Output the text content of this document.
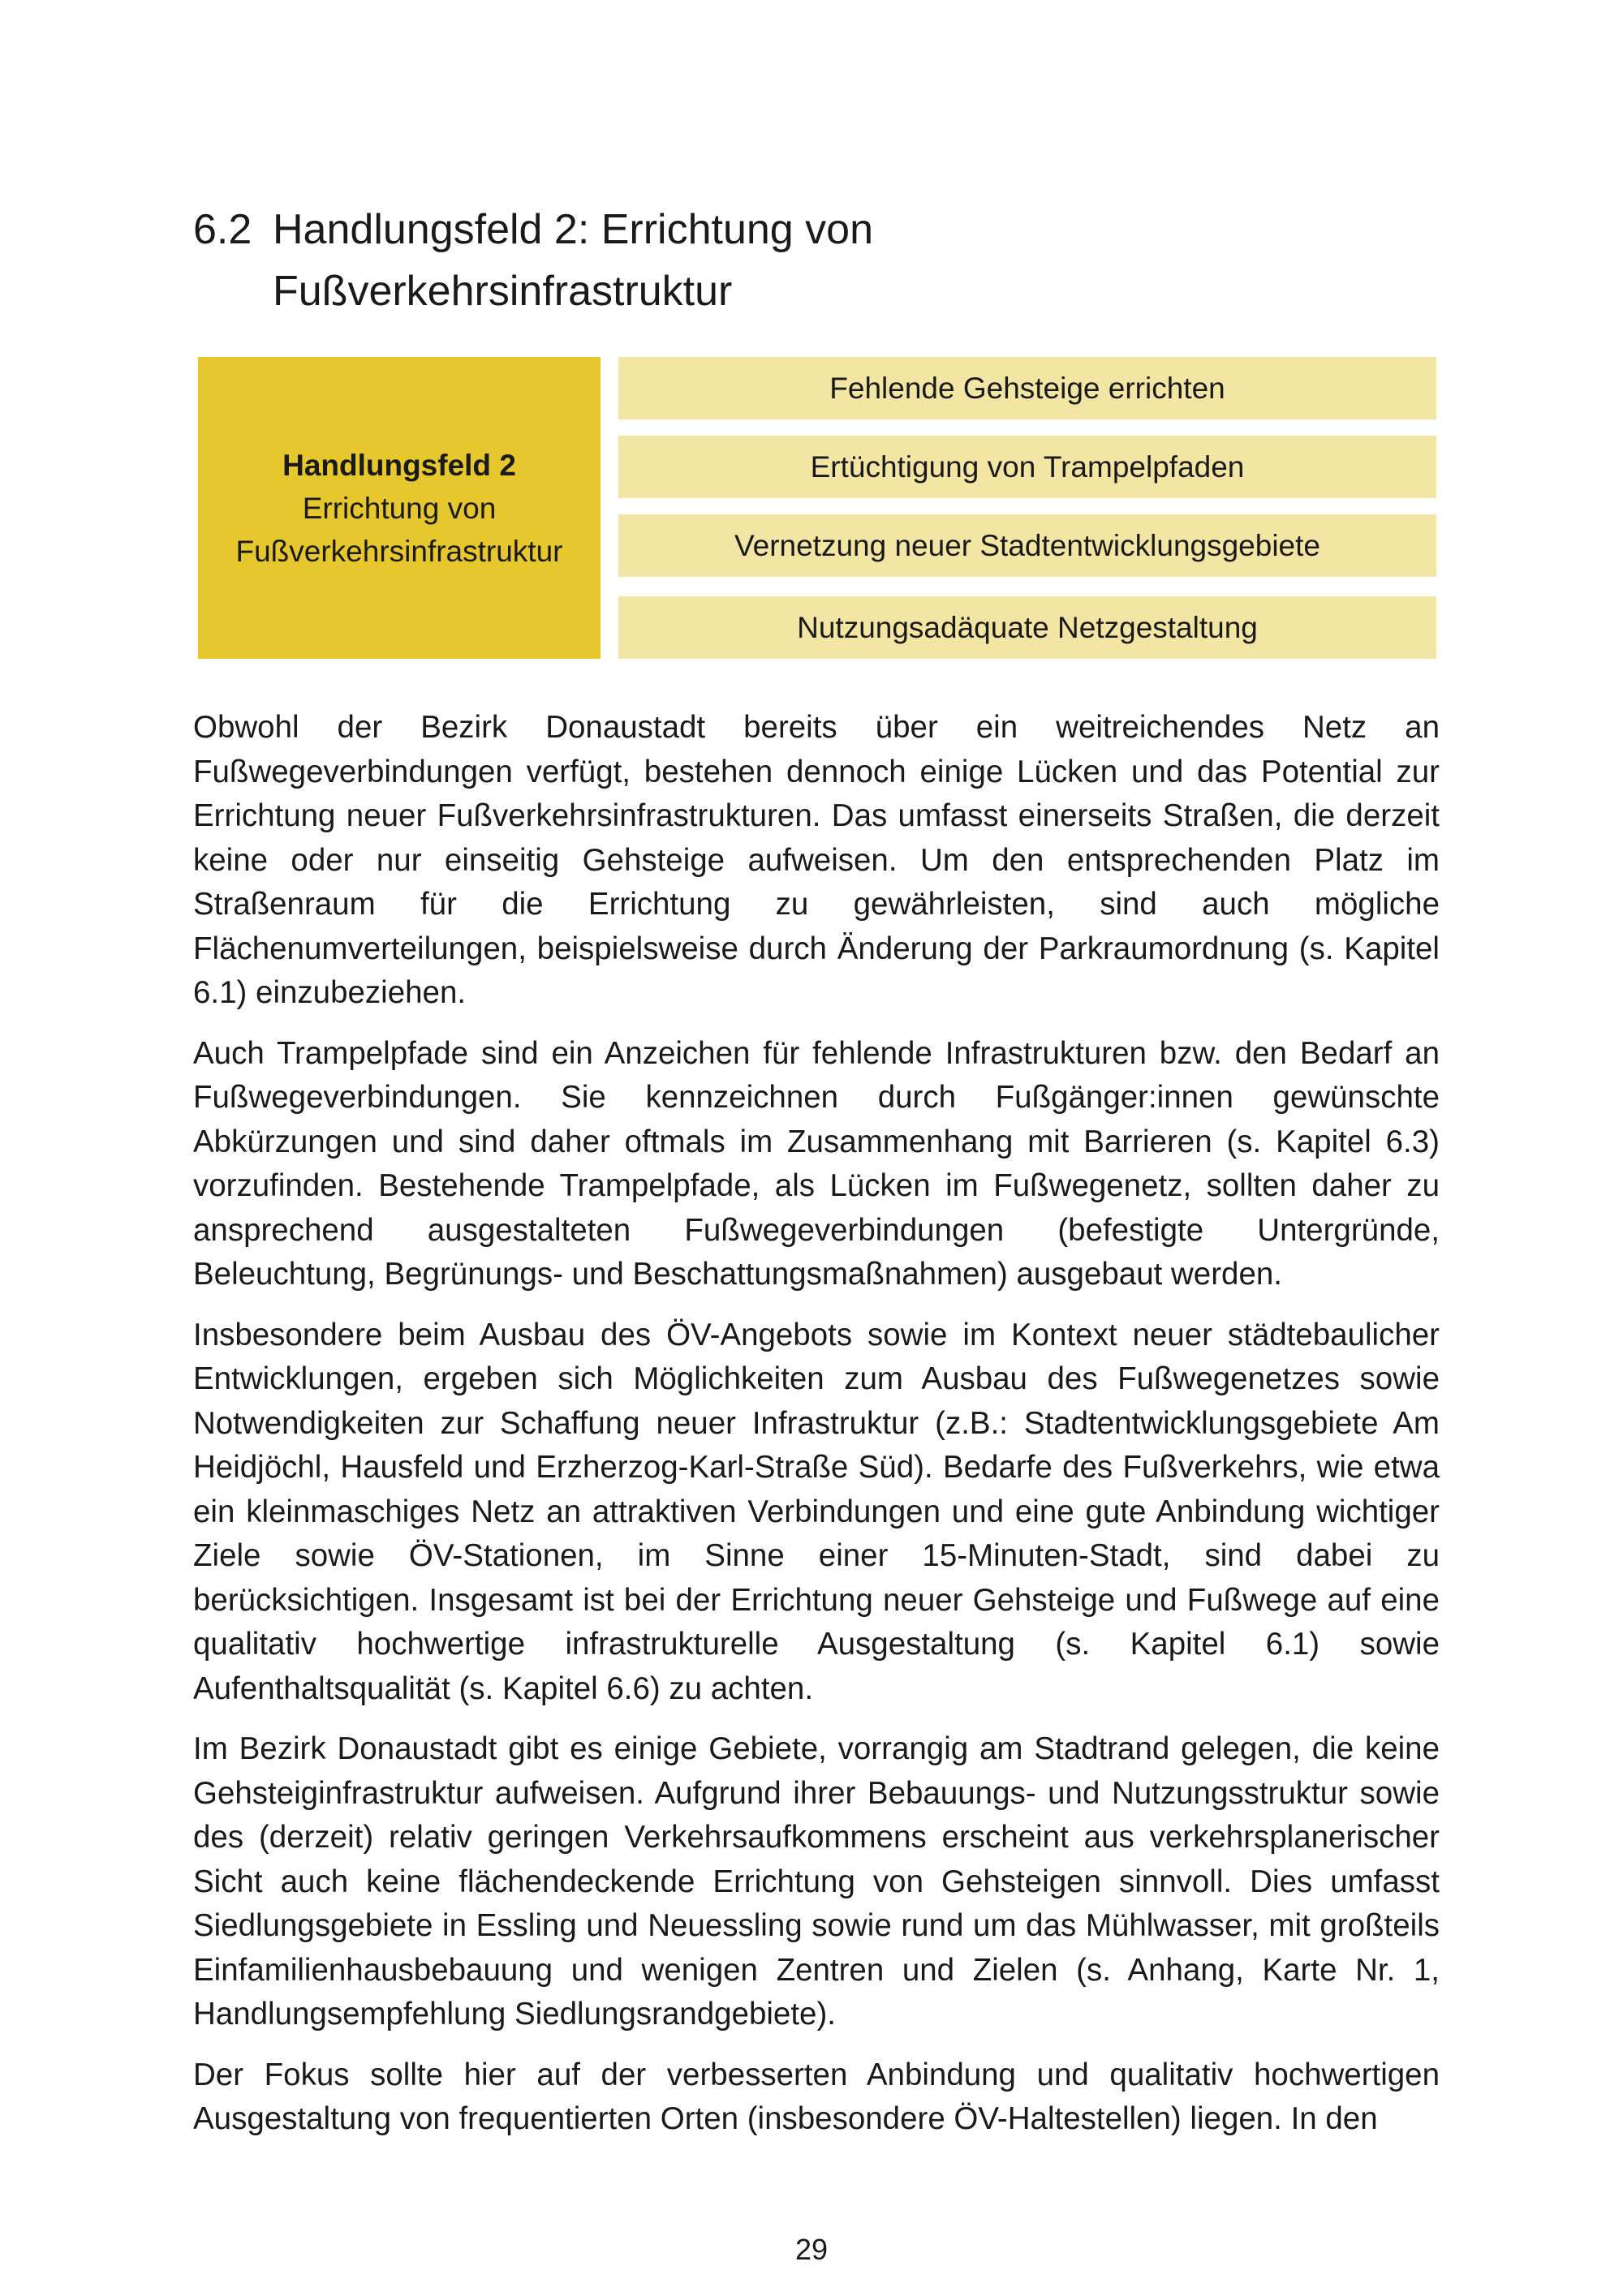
6.2 Handlungsfeld 2: Errichtung von
Fußverkehrsinfrastruktur
Handlungsfeld 2
Errichtung von
Fußverkehrsinfrastruktur
Fehlende Gehsteige errichten
Ertüchtigung von Trampelpfaden
Vernetzung neuer Stadtentwicklungsgebiete
Nutzungsadäquate Netzgestaltung

Obwohl der Bezirk Donaustadt bereits über ein weitreichendes Netz an Fußwegeverbindungen verfügt, bestehen dennoch einige Lücken und das Potential zur Errichtung neuer Fußverkehrsinfrastrukturen. Das umfasst einerseits Straßen, die derzeit keine oder nur einseitig Gehsteige aufweisen. Um den entsprechenden Platz im Straßenraum für die Errichtung zu gewährleisten, sind auch mögliche Flächenumverteilungen, beispielsweise durch Änderung der Parkraumordnung (s. Kapitel 6.1) einzubeziehen.

Auch Trampelpfade sind ein Anzeichen für fehlende Infrastrukturen bzw. den Bedarf an Fußwegeverbindungen. Sie kennzeichnen durch Fußgänger:innen gewünschte Abkürzungen und sind daher oftmals im Zusammenhang mit Barrieren (s. Kapitel 6.3) vorzufinden. Bestehende Trampelpfade, als Lücken im Fußwegenetz, sollten daher zu ansprechend ausgestalteten Fußwegeverbindungen (befestigte Untergründe, Beleuchtung, Begrünungs- und Beschattungsmaßnahmen) ausgebaut werden.

Insbesondere beim Ausbau des ÖV-Angebots sowie im Kontext neuer städtebaulicher Entwicklungen, ergeben sich Möglichkeiten zum Ausbau des Fußwegenetzes sowie Notwendigkeiten zur Schaffung neuer Infrastruktur (z.B.: Stadtentwicklungsgebiete Am Heidjöchl, Hausfeld und Erzherzog-Karl-Straße Süd). Bedarfe des Fußverkehrs, wie etwa ein kleinmaschiges Netz an attraktiven Verbindungen und eine gute Anbindung wichtiger Ziele sowie ÖV-Stationen, im Sinne einer 15-Minuten-Stadt, sind dabei zu berücksichtigen. Insgesamt ist bei der Errichtung neuer Gehsteige und Fußwege auf eine qualitativ hochwertige infrastrukturelle Ausgestaltung (s. Kapitel 6.1) sowie Aufenthaltsqualität (s. Kapitel 6.6) zu achten.

Im Bezirk Donaustadt gibt es einige Gebiete, vorrangig am Stadtrand gelegen, die keine Gehsteiginfrastruktur aufweisen. Aufgrund ihrer Bebauungs- und Nutzungsstruktur sowie des (derzeit) relativ geringen Verkehrsaufkommens erscheint aus verkehrsplanerischer Sicht auch keine flächendeckende Errichtung von Gehsteigen sinnvoll. Dies umfasst Siedlungsgebiete in Essling und Neuessling sowie rund um das Mühlwasser, mit großteils Einfamilienhausbebauung und wenigen Zentren und Zielen (s. Anhang, Karte Nr. 1, Handlungsempfehlung Siedlungsrandgebiete).

Der Fokus sollte hier auf der verbesserten Anbindung und qualitativ hochwertigen Ausgestaltung von frequentierten Orten (insbesondere ÖV-Haltestellen) liegen. In den

29
